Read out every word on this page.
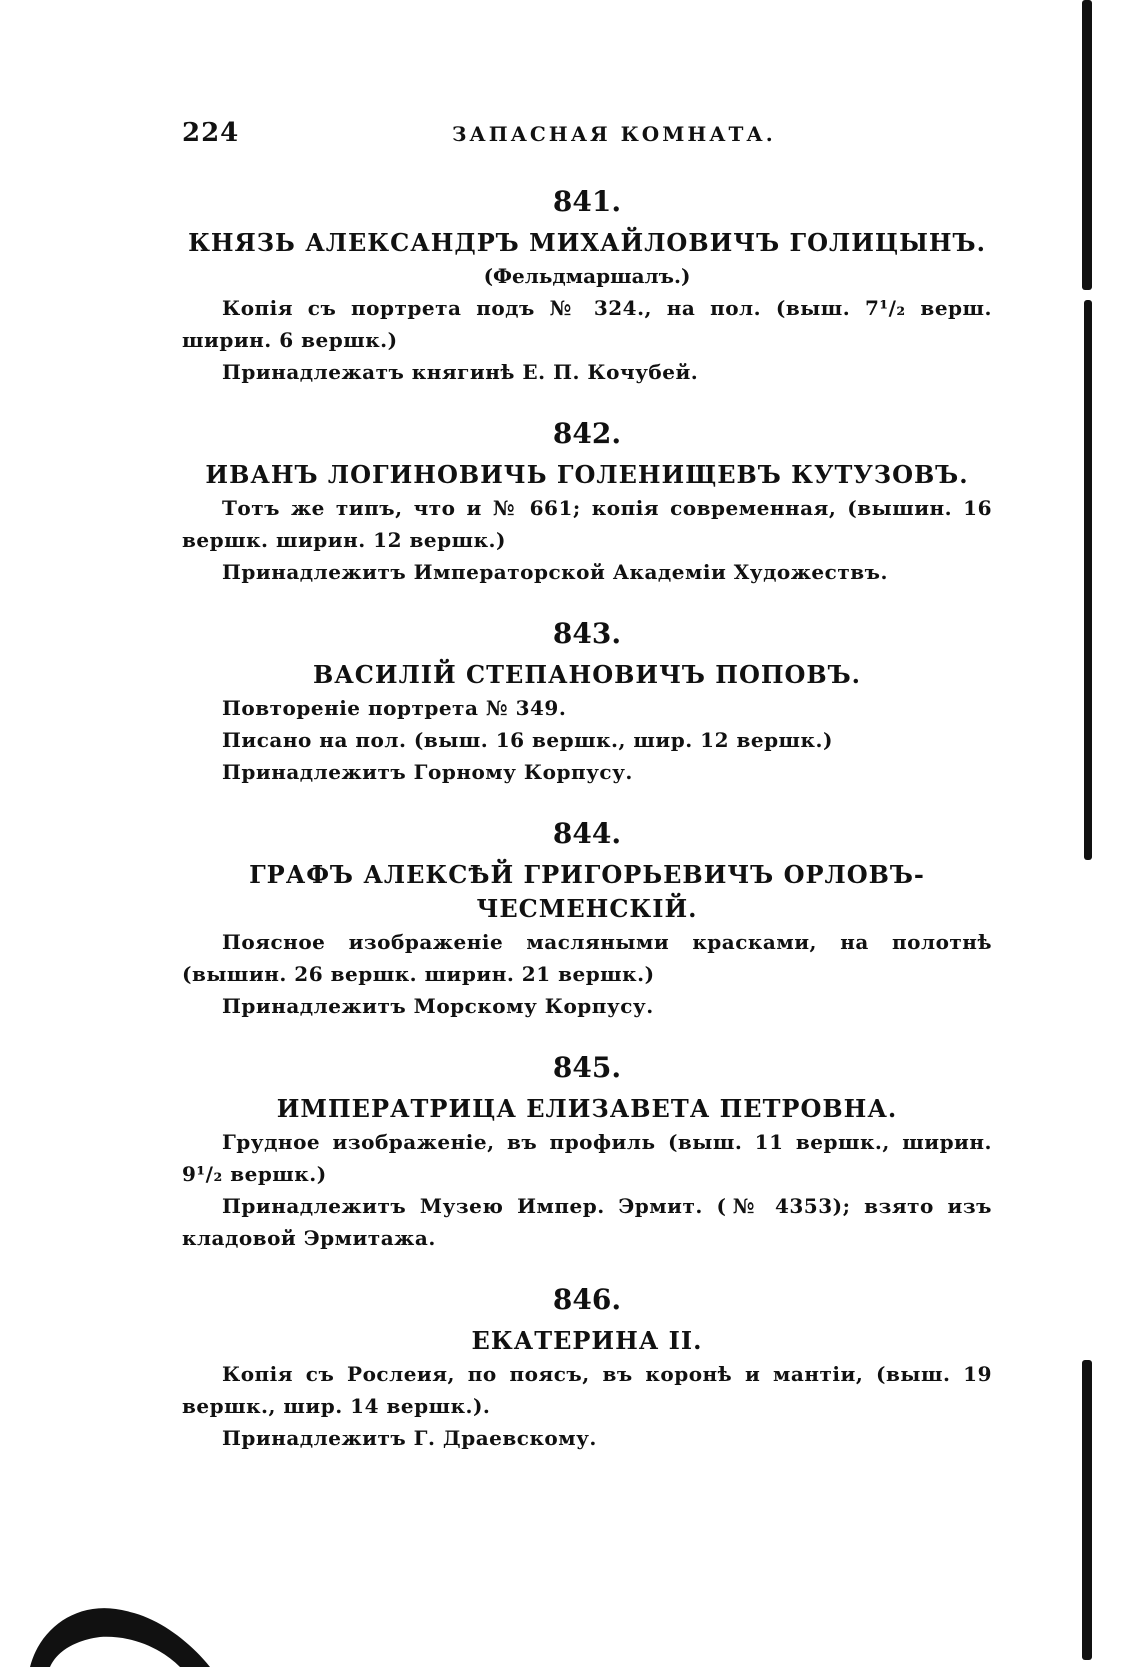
224	ЗАПАСНАЯ КОМНАТА.
841.
КНЯЗЬ АЛЕКСАНДРЪ МИХАЙЛОВИЧЪ ГОЛИЦЫНЪ.
(Фельдмаршалъ.)
Копія съ портрета подъ № 324., на пол. (выш. 7¹/₂ верш. ширин. 6 вершк.)
Принадлежатъ княгинѣ Е. П. Кочубей.
842.
ИВАНЪ ЛОГИНОВИЧЬ ГОЛЕНИЩЕВЪ КУТУЗОВЪ.
Тотъ же типъ, что и № 661; копія современная, (вышин. 16 вершк. ширин. 12 вершк.)
Принадлежитъ Императорской Академіи Художествъ.
843.
ВАСИЛІЙ СТЕПАНОВИЧЪ ПОПОВЪ.
Повтореніе портрета № 349.
Писано на пол. (выш. 16 вершк., шир. 12 вершк.)
Принадлежитъ Горному Корпусу.
844.
ГРАФЪ АЛЕКСѢЙ ГРИГОРЬЕВИЧЪ ОРЛОВЪ-ЧЕСМЕНСКІЙ.
Поясное изображеніе масляными красками, на полотнѣ (вышин. 26 вершк. ширин. 21 вершк.)
Принадлежитъ Морскому Корпусу.
845.
ИМПЕРАТРИЦА ЕЛИЗАВЕТА ПЕТРОВНА.
Грудное изображеніе, въ профиль (выш. 11 вершк., ширин. 9¹/₂ вершк.)
Принадлежитъ Музею Импер. Эрмит. (№ 4353); взято изъ кладовой Эрмитажа.
846.
ЕКАТЕРИНА II.
Копія съ Рослеия, по поясъ, въ коронѣ и мантіи, (выш. 19 вершк., шир. 14 вершк.).
Принадлежитъ Г. Драевскому.
